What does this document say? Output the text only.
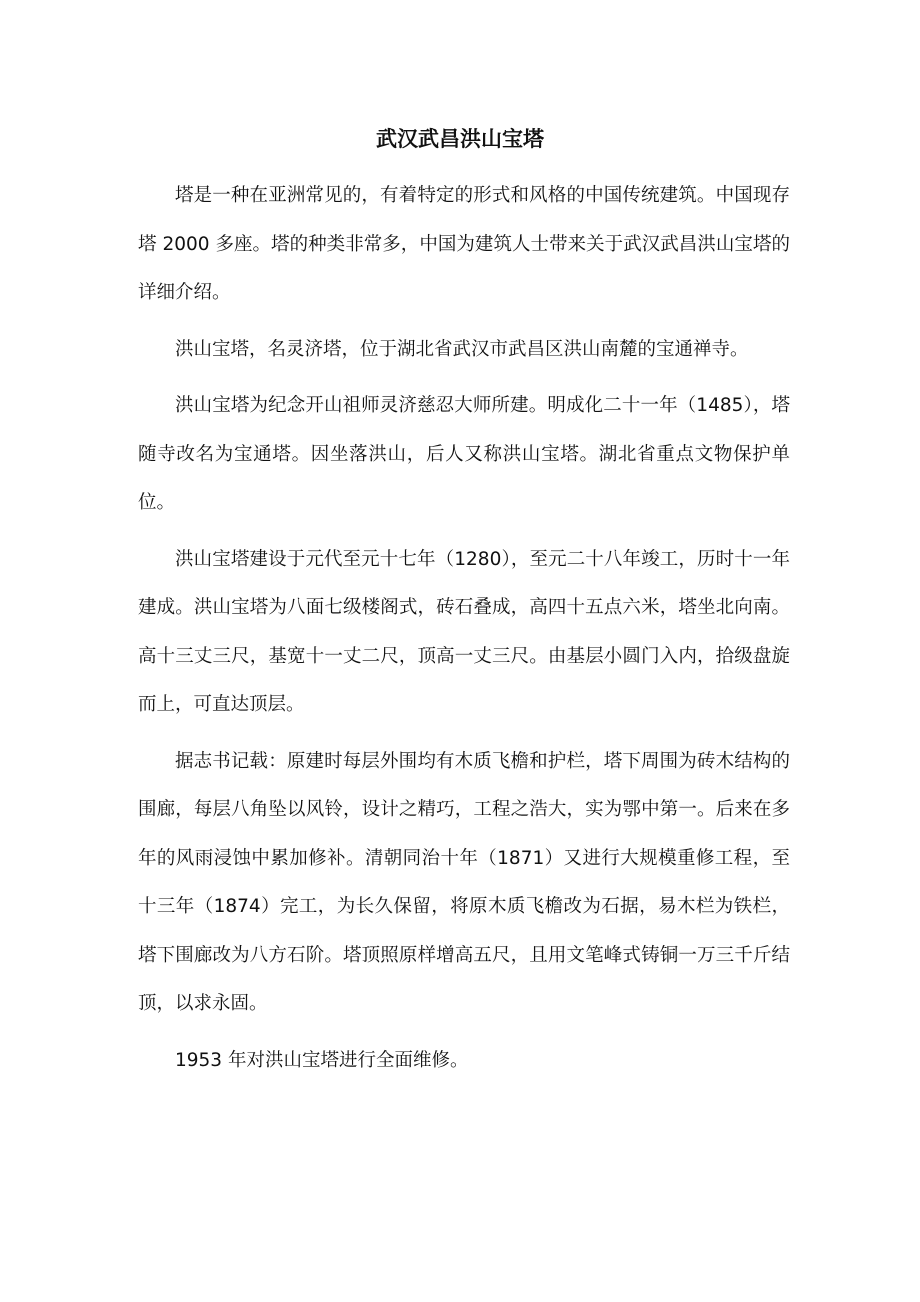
武汉武昌洪山宝塔

塔是一种在亚洲常见的，有着特定的形式和风格的中国传统建筑。中国现存塔 2000 多座。塔的种类非常多，中国为建筑人士带来关于武汉武昌洪山宝塔的详细介绍。

洪山宝塔，名灵济塔，位于湖北省武汉市武昌区洪山南麓的宝通禅寺。

洪山宝塔为纪念开山祖师灵济慈忍大师所建。明成化二十一年（1485），塔随寺改名为宝通塔。因坐落洪山，后人又称洪山宝塔。湖北省重点文物保护单位。

洪山宝塔建设于元代至元十七年（1280），至元二十八年竣工，历时十一年建成。洪山宝塔为八面七级楼阁式，砖石叠成，高四十五点六米，塔坐北向南。高十三丈三尺，基宽十一丈二尺，顶高一丈三尺。由基层小圆门入内，拾级盘旋而上，可直达顶层。

据志书记载：原建时每层外围均有木质飞檐和护栏，塔下周围为砖木结构的围廊，每层八角坠以风铃，设计之精巧，工程之浩大，实为鄂中第一。后来在多年的风雨浸蚀中累加修补。清朝同治十年（1871）又进行大规模重修工程，至十三年（1874）完工，为长久保留，将原木质飞檐改为石据，易木栏为铁栏，塔下围廊改为八方石阶。塔顶照原样增高五尺，且用文笔峰式铸铜一万三千斤结顶，以求永固。

1953 年对洪山宝塔进行全面维修。
